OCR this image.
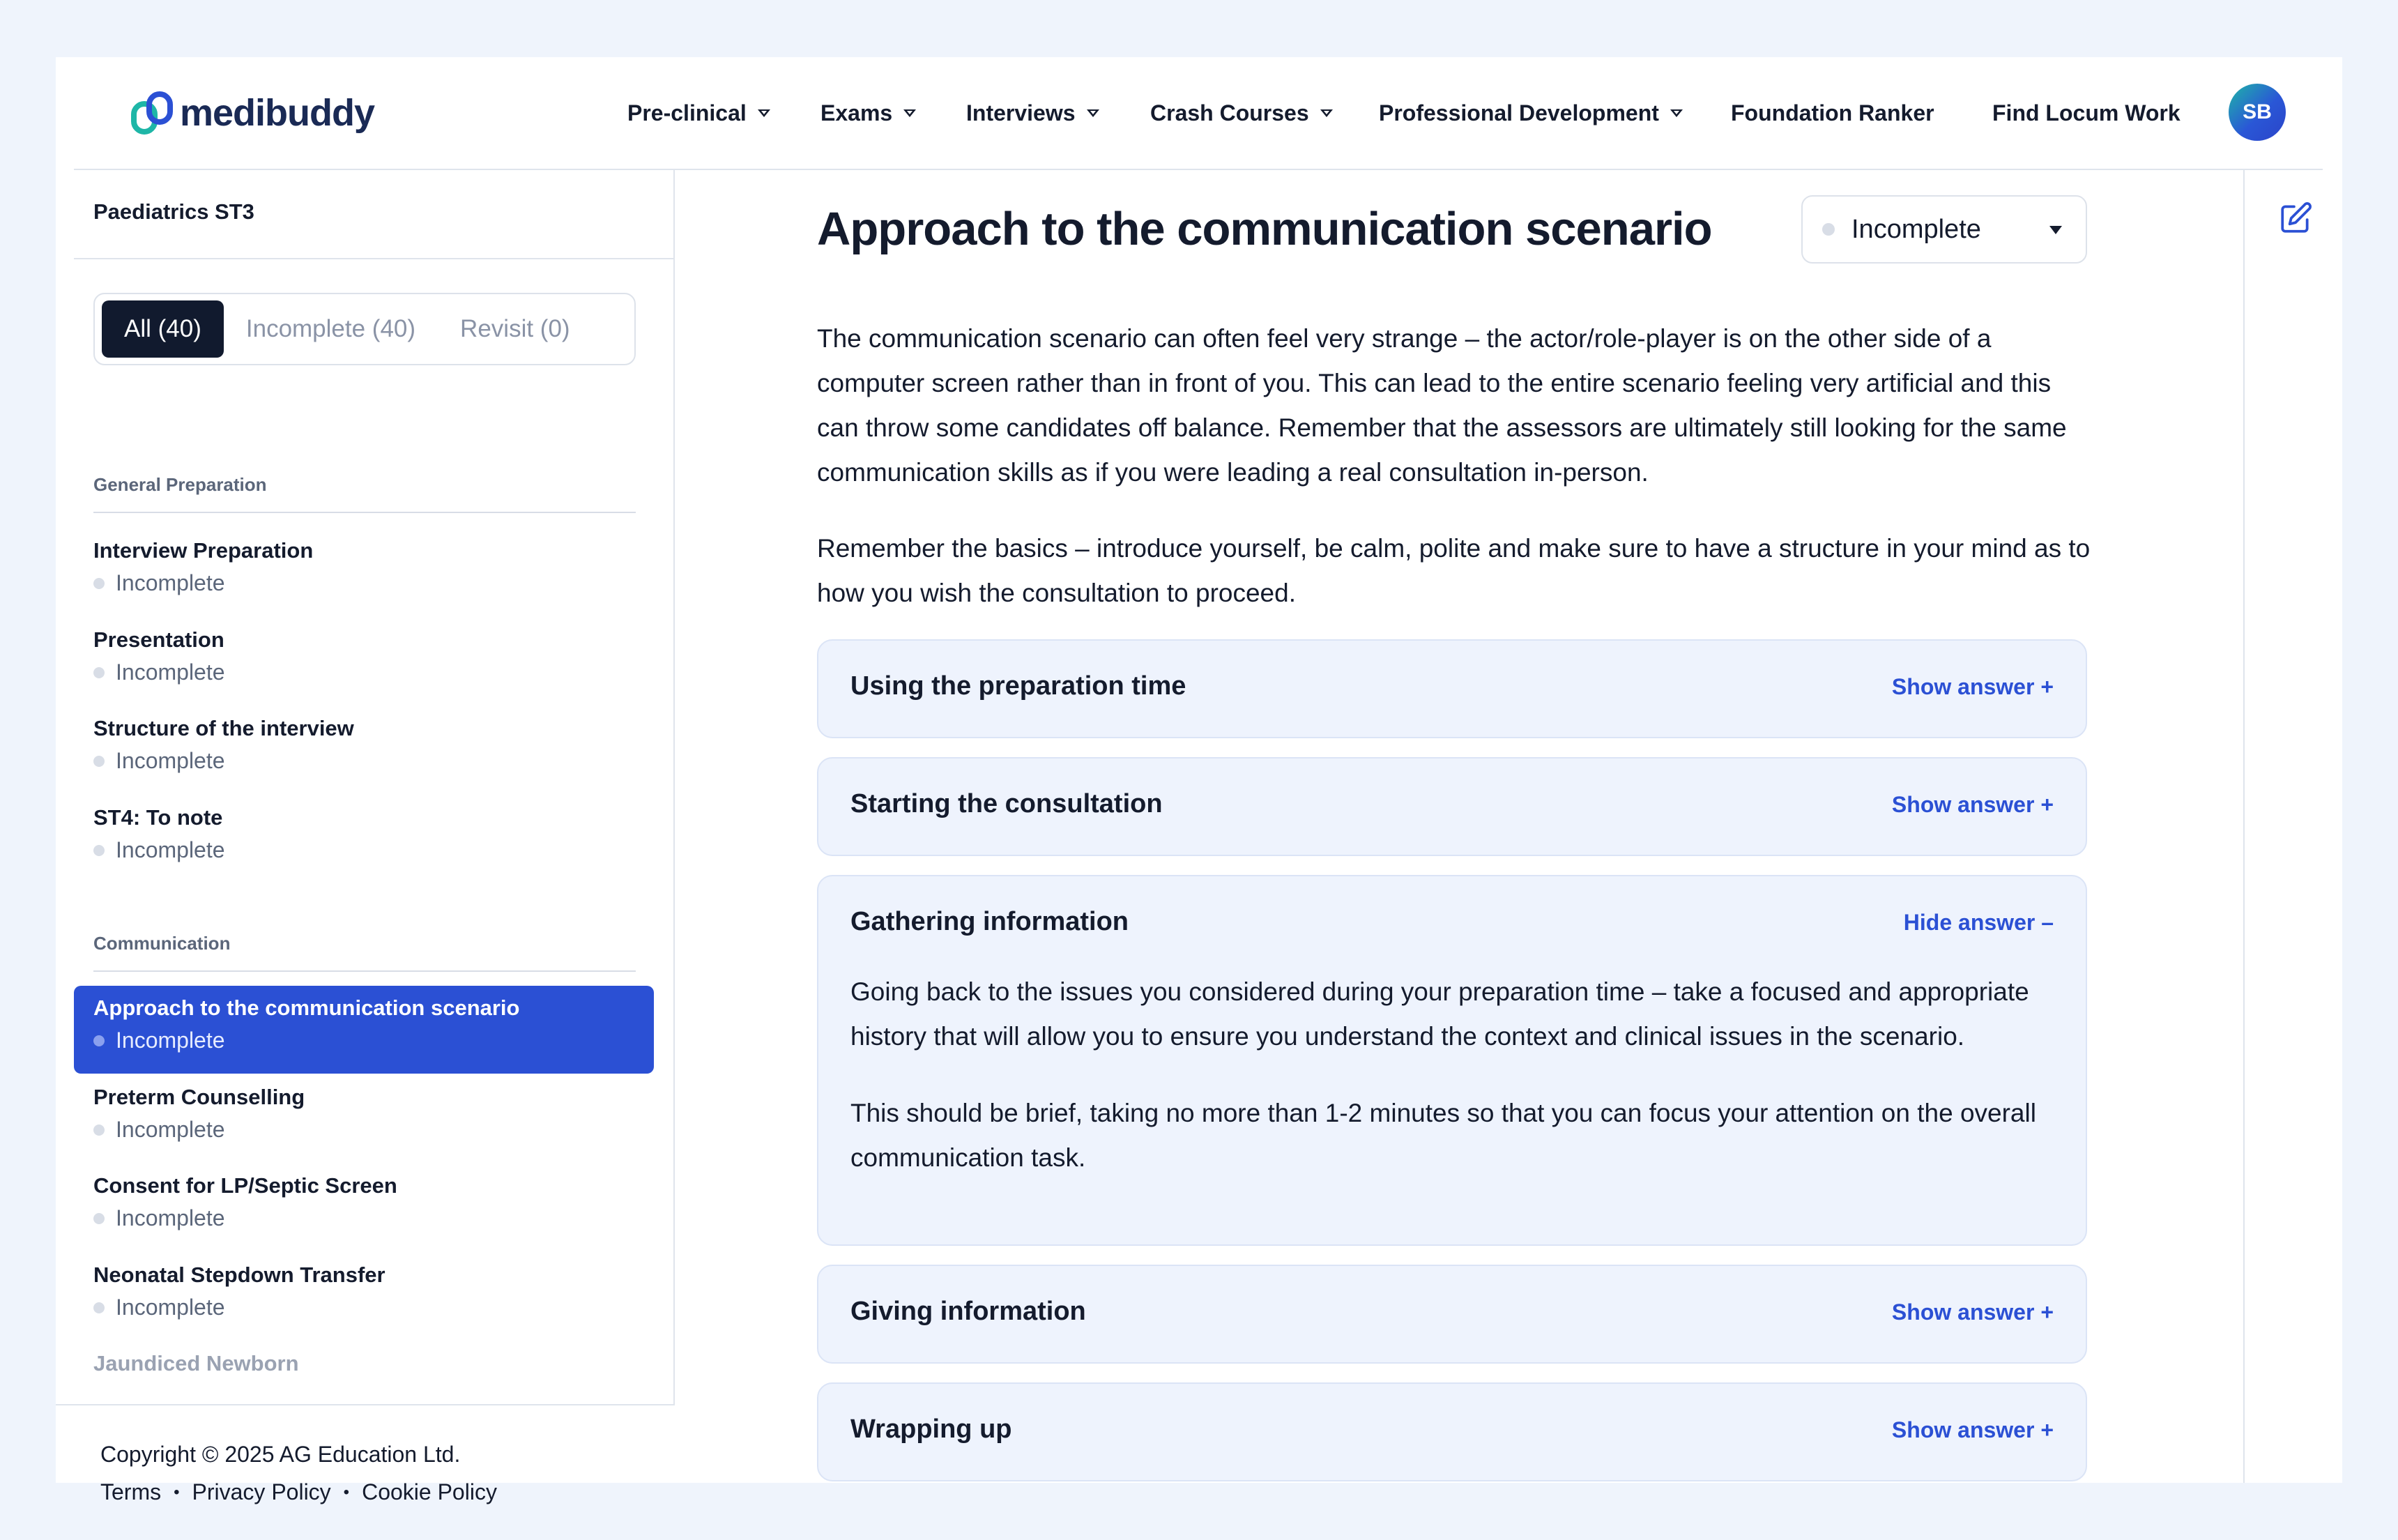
medibuddy	Pre-clinical	Exams	Interviews	Crash Courses	Professional Development	Foundation Ranker	Find Locum Work	SB
Paediatrics ST3
All (40)	Incomplete (40)	Revisit (0)
General Preparation
Interview Preparation
Incomplete
Presentation
Incomplete
Structure of the interview
Incomplete
ST4: To note
Incomplete
Communication
Approach to the communication scenario
Incomplete
Preterm Counselling
Incomplete
Consent for LP/Septic Screen
Incomplete
Neonatal Stepdown Transfer
Incomplete
Jaundiced Newborn
Copyright © 2025 AG Education Ltd.
Terms • Privacy Policy • Cookie Policy
Approach to the communication scenario	Incomplete

The communication scenario can often feel very strange – the actor/role-player is on the other side of a computer screen rather than in front of you. This can lead to the entire scenario feeling very artificial and this can throw some candidates off balance. Remember that the assessors are ultimately still looking for the same communication skills as if you were leading a real consultation in-person.

Remember the basics – introduce yourself, be calm, polite and make sure to have a structure in your mind as to how you wish the consultation to proceed.

Using the preparation time	Show answer +
Starting the consultation	Show answer +
Gathering information	Hide answer –

Going back to the issues you considered during your preparation time – take a focused and appropriate history that will allow you to ensure you understand the context and clinical issues in the scenario.

This should be brief, taking no more than 1-2 minutes so that you can focus your attention on the overall communication task.

Giving information	Show answer +
Wrapping up	Show answer +
